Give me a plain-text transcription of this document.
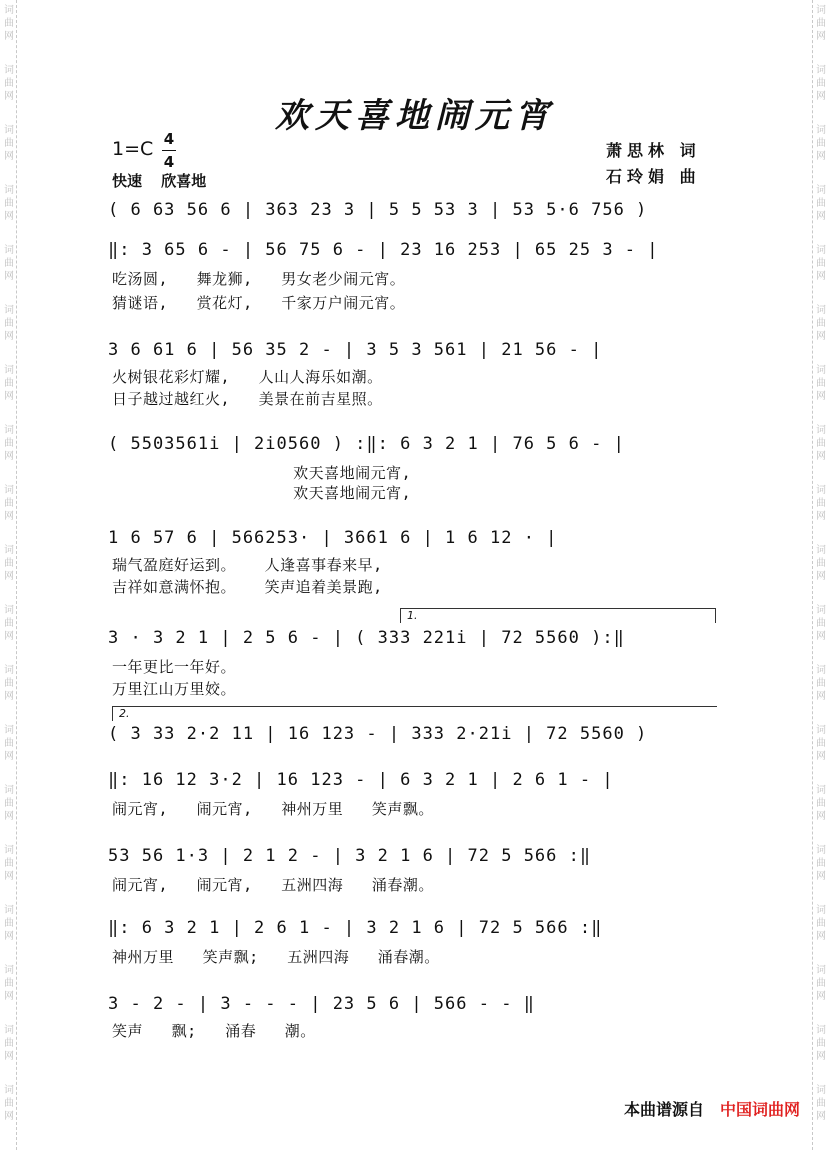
词
曲
网
词
曲
网
词
曲
网
词
曲
网
词
曲
网
词
曲
网
词
曲
网
词
曲
网
词
曲
网
词
曲
网
词
曲
网
词
曲
网
词
曲
网
词
曲
网
词
曲
网
词
曲
网
词
曲
网
词
曲
网
词
曲
网
词
曲
网
词
曲
网
词
曲
网
词
曲
网
词
曲
网
词
曲
网
词
曲
网
词
曲
网
词
曲
网
词
曲
网
词
曲
网
词
曲
网
词
曲
网
词
曲
网
词
曲
网
词
曲
网
词
曲
网
词
曲
网
词
曲
网
欢天喜地闹元宵
1=C 4
4
快速 欣喜地
萧思林 词
石玲娟 曲
( 6 63 56 6 | 363 23 3 | 5 5 53 3 | 53 5·6 756 )
‖: 3 65 6 - | 56 75 6 - | 23 16 253 | 65 25 3 - |
吃汤圆,   舞龙狮,   男女老少闹元宵。
猜谜语,   赏花灯,   千家万户闹元宵。
3 6 61 6 | 56 35 2 - | 3 5 3 561 | 21 56 - |
火树银花彩灯耀,   人山人海乐如潮。
日子越过越红火,   美景在前吉星照。
( 5503561i | 2i0560 ) :‖: 6 3 2 1 | 76 5 6 - |
欢天喜地闹元宵,
欢天喜地闹元宵,
1 6 57 6 | 566253· | 3661 6 | 1 6 12 · |
瑞气盈庭好运到。   人逢喜事春来早,
吉祥如意满怀抱。   笑声追着美景跑,
1.
3 · 3 2 1 | 2 5 6 - | ( 333 221i | 72 5560 ):‖
一年更比一年好。
万里江山万里姣。
2.
( 3 33 2·2 11 | 16 123 - | 333 2·21i | 72 5560 )
‖: 16 12 3·2 | 16 123 - | 6 3 2 1 | 2 6 1 - |
闹元宵,   闹元宵,   神州万里   笑声飘。
53 56 1·3 | 2 1 2 - | 3 2 1 6 | 72 5 566 :‖
闹元宵,   闹元宵,   五洲四海   涌春潮。
‖: 6 3 2 1 | 2 6 1 - | 3 2 1 6 | 72 5 566 :‖
神州万里   笑声飘;   五洲四海   涌春潮。
3 - 2 - | 3 - - - | 23 5 6 | 566 - - ‖
笑声   飘;   涌春   潮。
本曲谱源自 中国词曲网
